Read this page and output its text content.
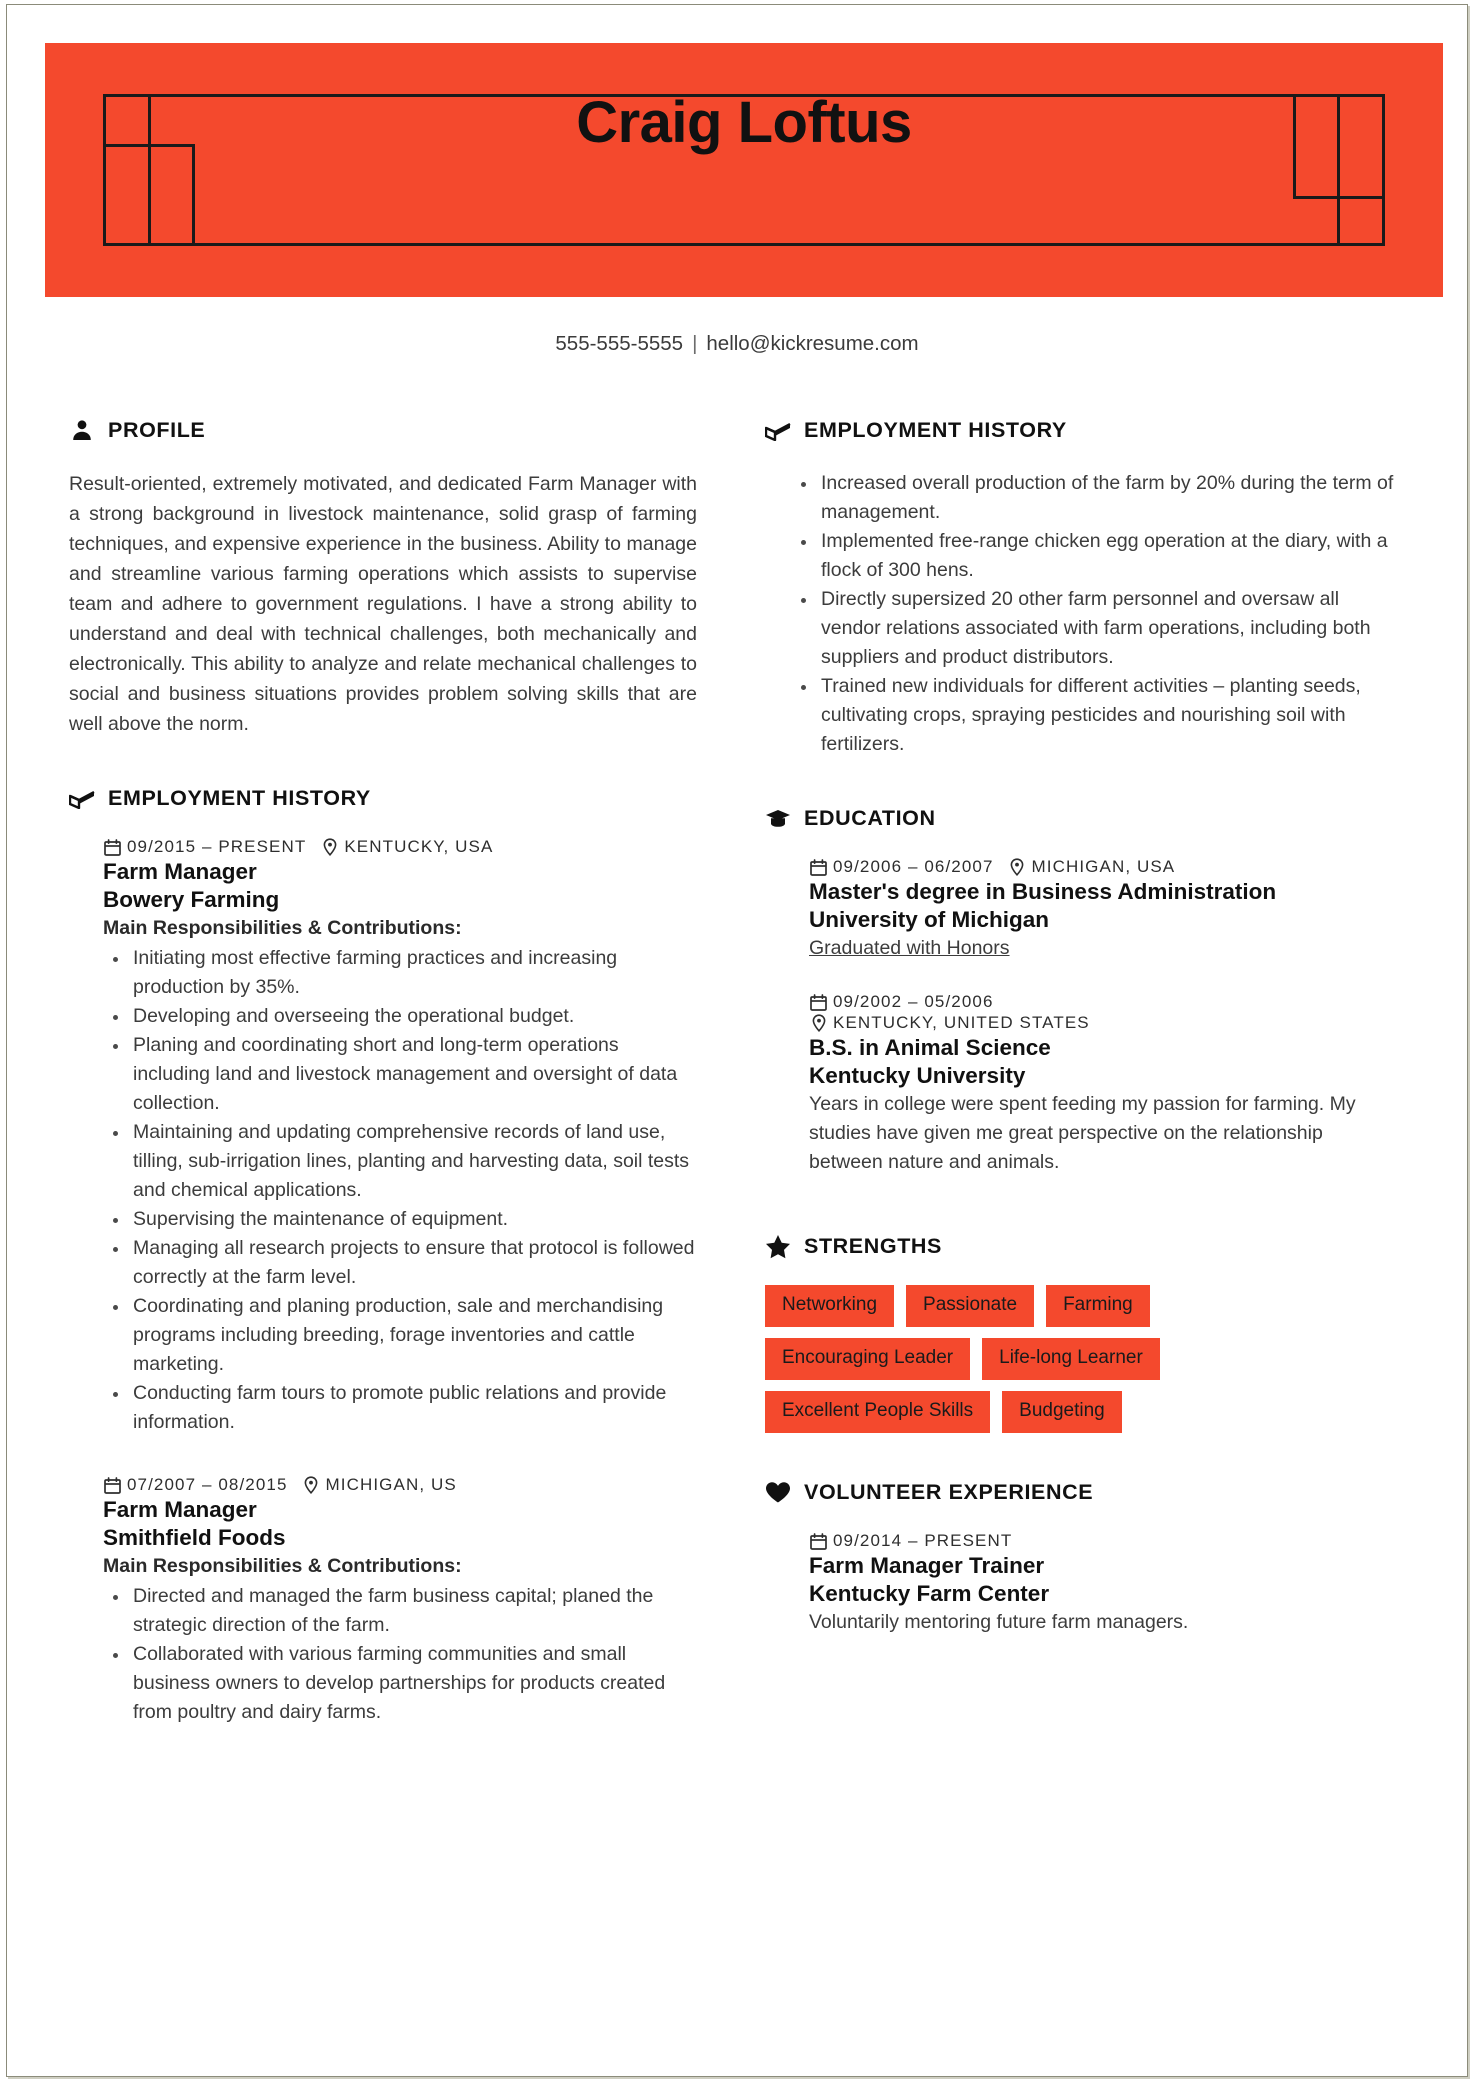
Craig Loftus
555-555-5555 | hello@kickresume.com
PROFILE
Result-oriented, extremely motivated, and dedicated Farm Manager with a strong background in livestock maintenance, solid grasp of farming techniques, and expensive experience in the business. Ability to manage and streamline various farming operations which assists to supervise team and adhere to government regulations. I have a strong ability to understand and deal with technical challenges, both mechanically and electronically. This ability to analyze and relate mechanical challenges to social and business situations provides problem solving skills that are well above the norm.
EMPLOYMENT HISTORY
09/2015 – PRESENT KENTUCKY, USA
Farm Manager
Bowery Farming
Main Responsibilities & Contributions:
Initiating most effective farming practices and increasing production by 35%.
Developing and overseeing the operational budget.
Planing and coordinating short and long-term operations including land and livestock management and oversight of data collection.
Maintaining and updating comprehensive records of land use, tilling, sub-irrigation lines, planting and harvesting data, soil tests and chemical applications.
Supervising the maintenance of equipment.
Managing all research projects to ensure that protocol is followed correctly at the farm level.
Coordinating and planing production, sale and merchandising programs including breeding, forage inventories and cattle marketing.
Conducting farm tours to promote public relations and provide information.
07/2007 – 08/2015 MICHIGAN, US
Farm Manager
Smithfield Foods
Main Responsibilities & Contributions:
Directed and managed the farm business capital; planed the strategic direction of the farm.
Collaborated with various farming communities and small business owners to develop partnerships for products created from poultry and dairy farms.
EMPLOYMENT HISTORY
Increased overall production of the farm by 20% during the term of management.
Implemented free-range chicken egg operation at the diary, with a flock of 300 hens.
Directly supersized 20 other farm personnel and oversaw all vendor relations associated with farm operations, including both suppliers and product distributors.
Trained new individuals for different activities – planting seeds, cultivating crops, spraying pesticides and nourishing soil with fertilizers.
EDUCATION
09/2006 – 06/2007 MICHIGAN, USA
Master's degree in Business Administration
University of Michigan
Graduated with Honors
09/2002 – 05/2006
KENTUCKY, UNITED STATES
B.S. in Animal Science
Kentucky University
Years in college were spent feeding my passion for farming. My studies have given me great perspective on the relationship between nature and animals.
STRENGTHS
Networking	Passionate	Farming
Encouraging Leader	Life-long Learner
Excellent People Skills	Budgeting
VOLUNTEER EXPERIENCE
09/2014 – PRESENT
Farm Manager Trainer
Kentucky Farm Center
Voluntarily mentoring future farm managers.
